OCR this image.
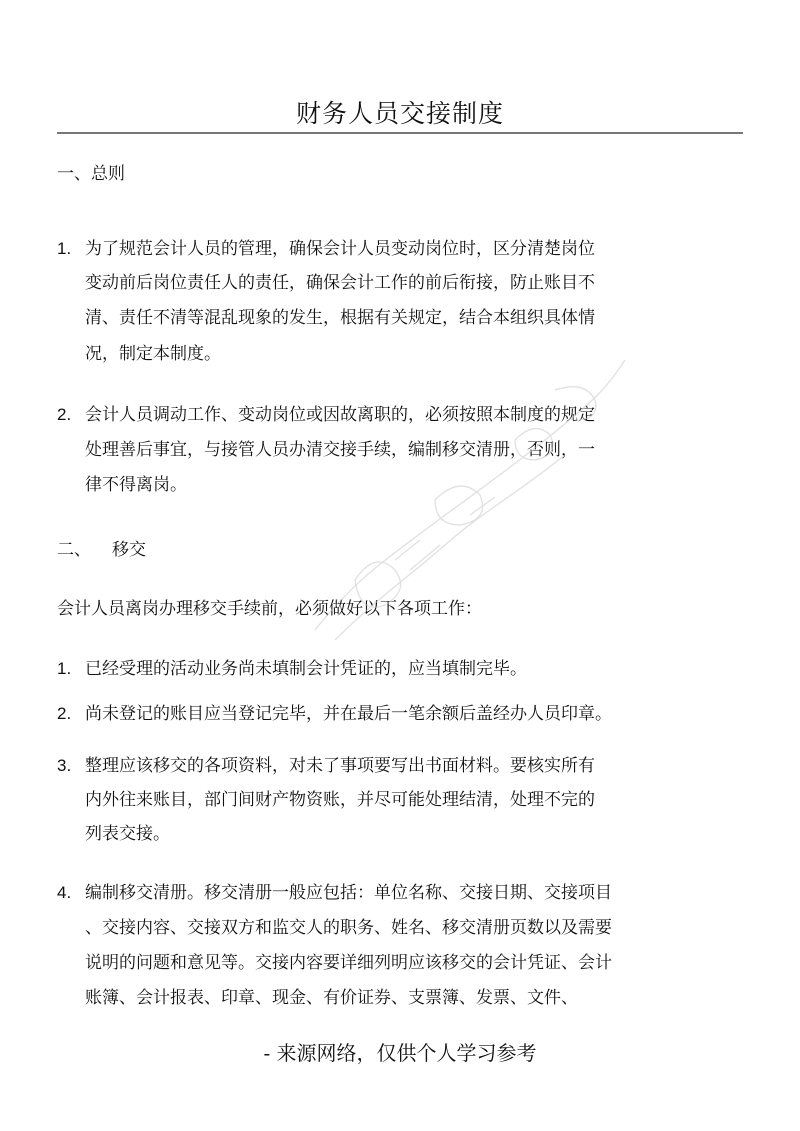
财务人员交接制度
一、总则
1. 为了规范会计人员的管理，确保会计人员变动岗位时，区分清楚岗位
变动前后岗位责任人的责任，确保会计工作的前后衔接，防止账目不
清、责任不清等混乱现象的发生，根据有关规定，结合本组织具体情
况，制定本制度。
2. 会计人员调动工作、变动岗位或因故离职的，必须按照本制度的规定
处理善后事宜，与接管人员办清交接手续，编制移交清册，否则，一
律不得离岗。
二、 移交
会计人员离岗办理移交手续前，必须做好以下各项工作：
1. 已经受理的活动业务尚未填制会计凭证的，应当填制完毕。
2. 尚未登记的账目应当登记完毕，并在最后一笔余额后盖经办人员印章。
3. 整理应该移交的各项资料，对未了事项要写出书面材料。要核实所有
内外往来账目，部门间财产物资账，并尽可能处理结清，处理不完的
列表交接。
4. 编制移交清册。移交清册一般应包括：单位名称、交接日期、交接项目
、交接内容、交接双方和监交人的职务、姓名、移交清册页数以及需要
说明的问题和意见等。交接内容要详细列明应该移交的会计凭证、会计
账簿、会计报表、印章、现金、有价证券、支票簿、发票、文件、
- 来源网络，仅供个人学习参考
